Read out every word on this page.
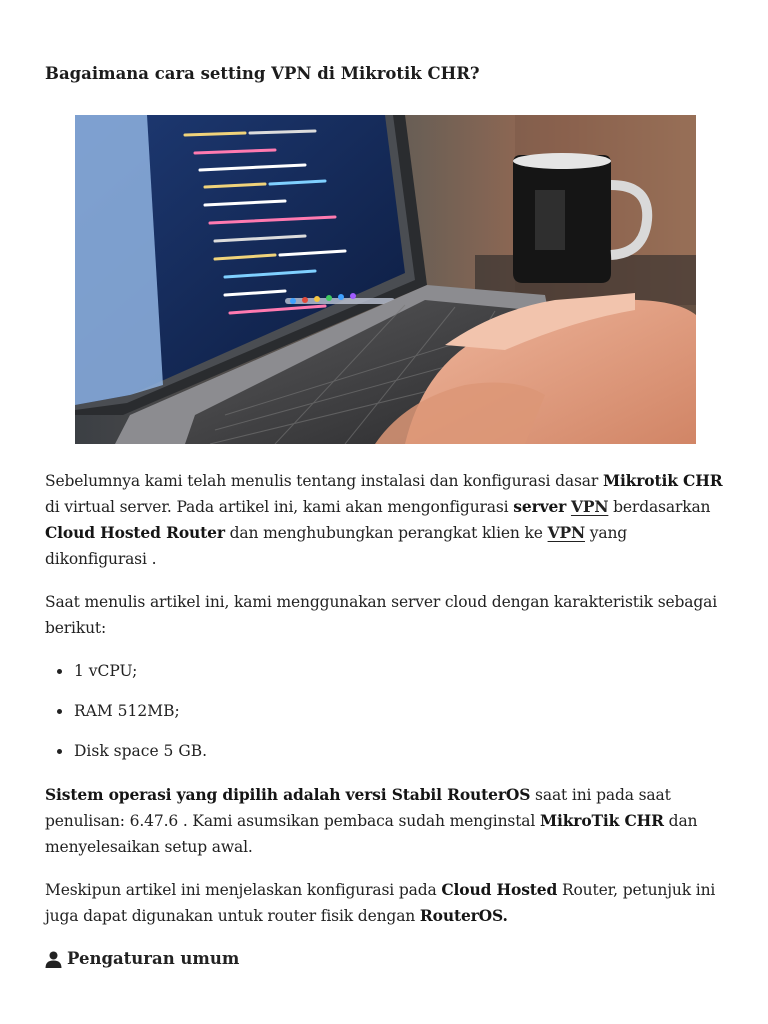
Bagaimana cara setting VPN di Mikrotik CHR?

Sebelumnya kami telah menulis tentang instalasi dan konfigurasi dasar Mikrotik CHR di virtual server. Pada artikel ini, kami akan mengonfigurasi server VPN berdasarkan Cloud Hosted Router dan menghubungkan perangkat klien ke VPN yang dikonfigurasi .

Saat menulis artikel ini, kami menggunakan server cloud dengan karakteristik sebagai berikut:

1 vCPU;
RAM 512MB;
Disk space 5 GB.

Sistem operasi yang dipilih adalah versi Stabil RouterOS saat ini pada saat penulisan: 6.47.6 . Kami asumsikan pembaca sudah menginstal MikroTik CHR dan menyelesaikan setup awal.

Meskipun artikel ini menjelaskan konfigurasi pada Cloud Hosted Router, petunjuk ini juga dapat digunakan untuk router fisik dengan RouterOS.

Pengaturan umum
